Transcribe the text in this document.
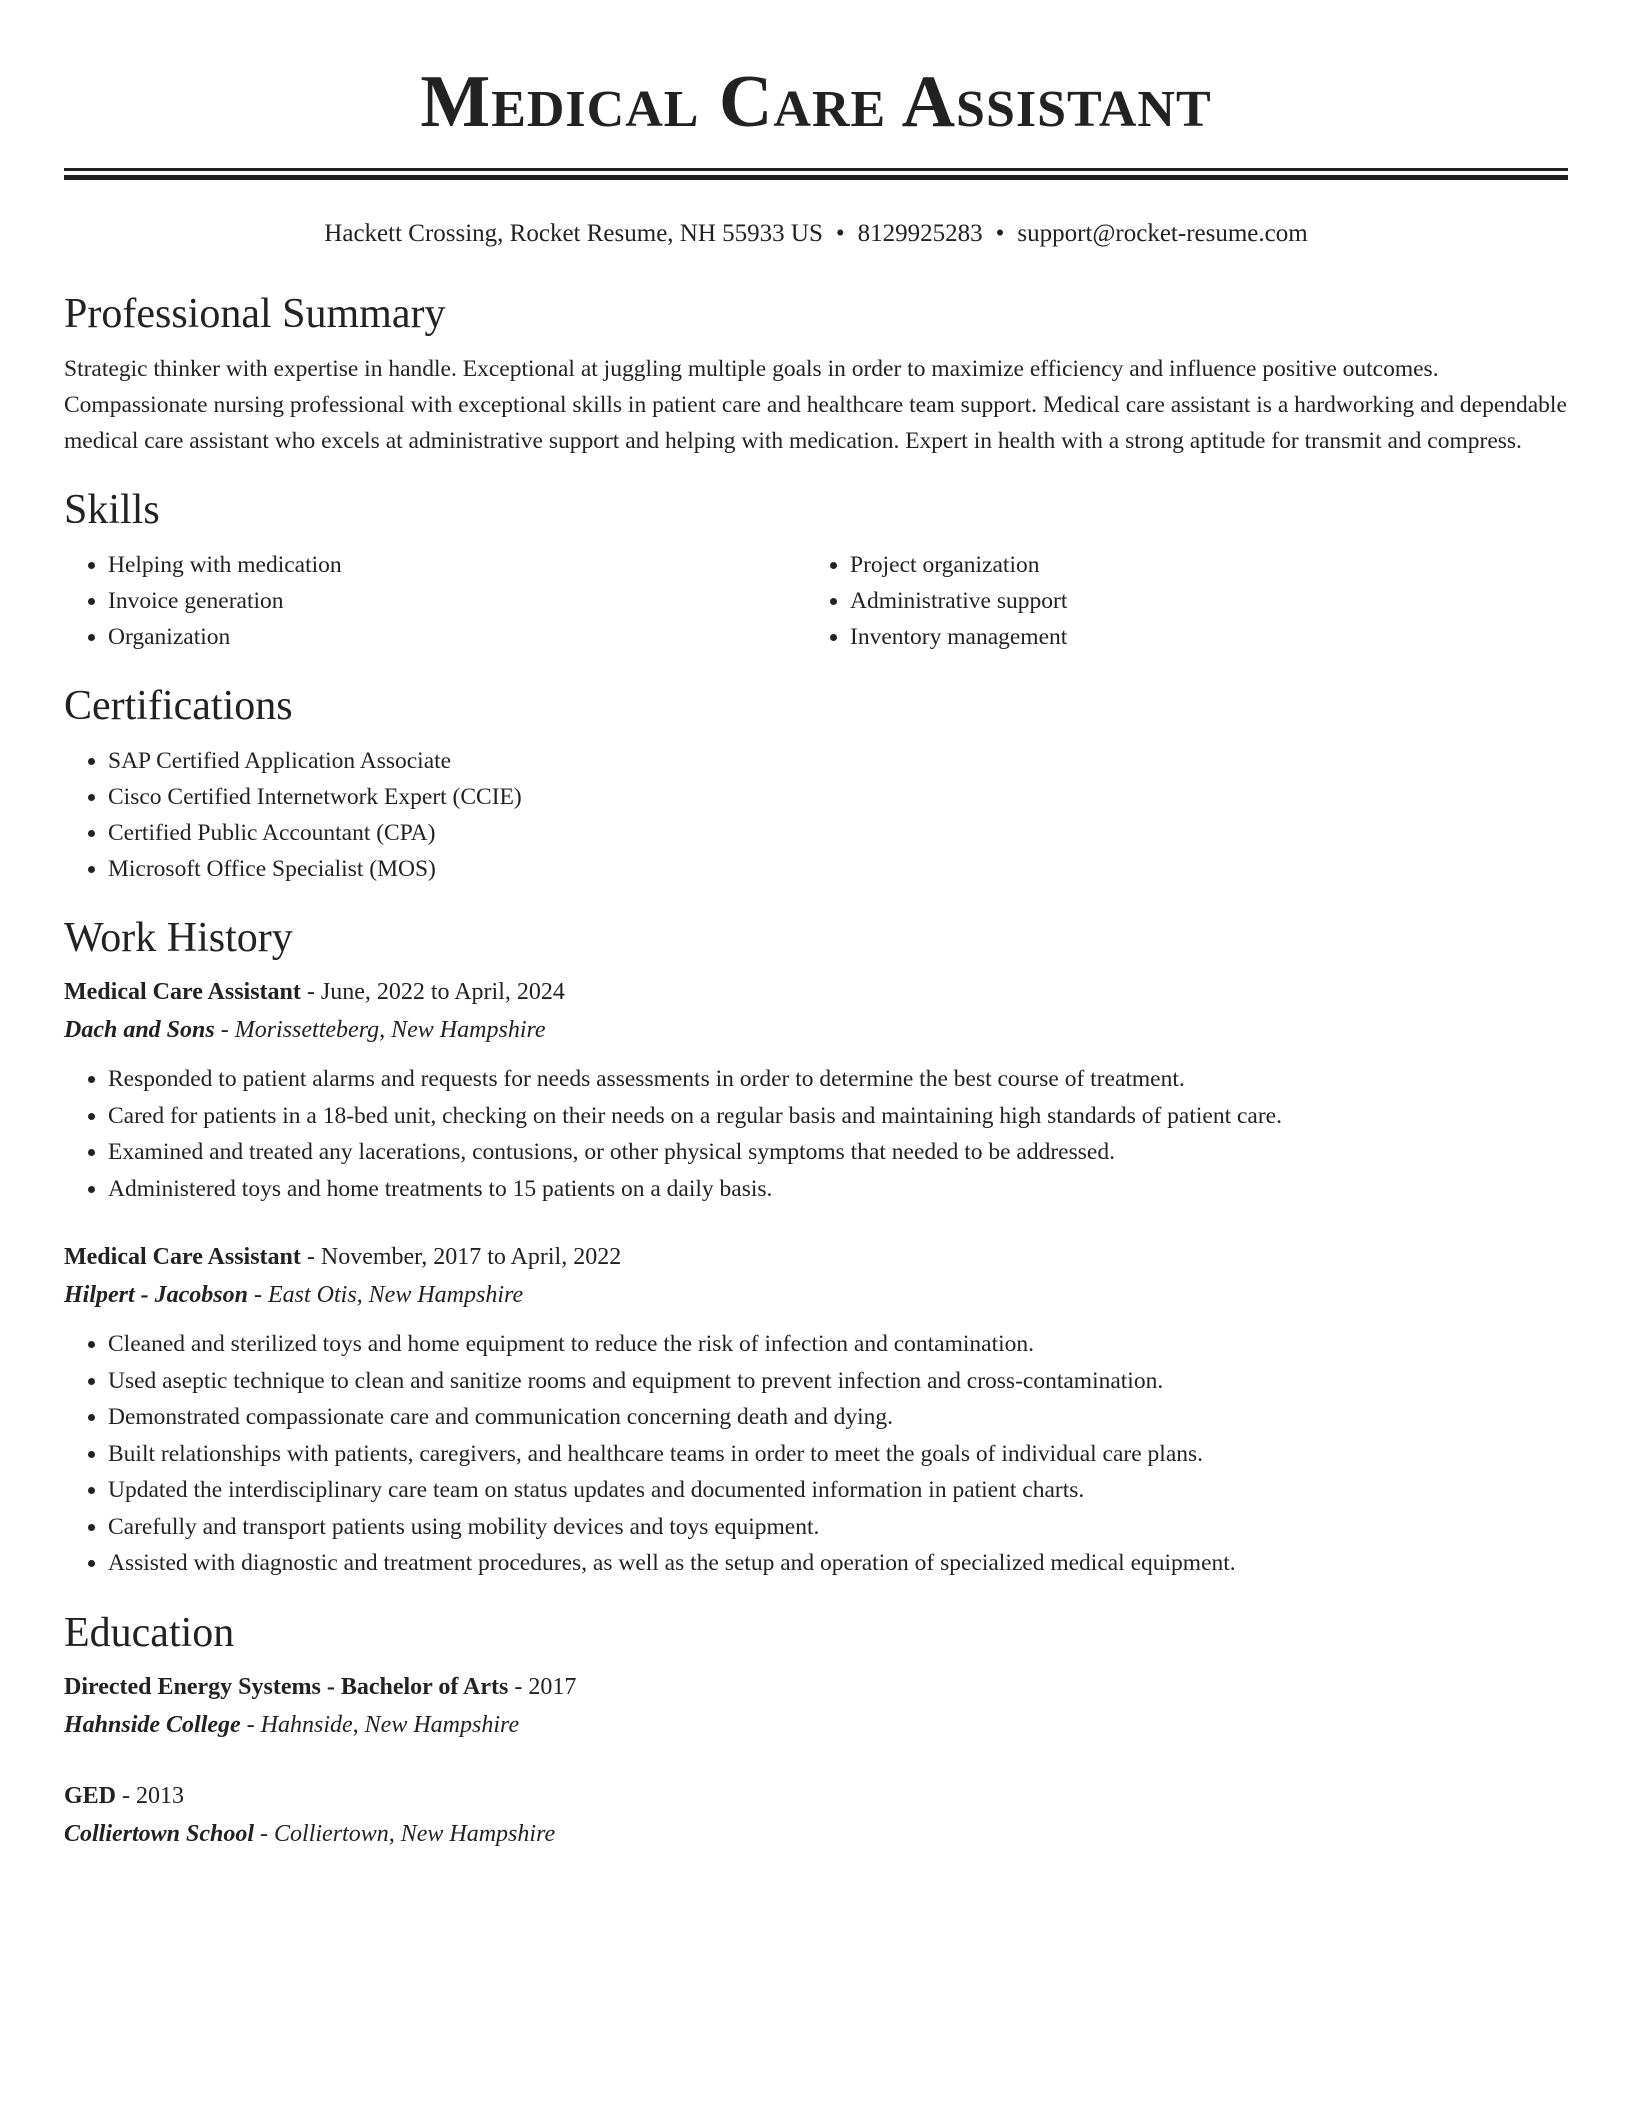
Medical Care Assistant
Hackett Crossing, Rocket Resume, NH 55933 US • 8129925283 • support@rocket-resume.com
Professional Summary

Strategic thinker with expertise in handle. Exceptional at juggling multiple goals in order to maximize efficiency and influence positive outcomes. Compassionate nursing professional with exceptional skills in patient care and healthcare team support. Medical care assistant is a hardworking and dependable medical care assistant who excels at administrative support and helping with medication. Expert in health with a strong aptitude for transmit and compress.

Skills
• Helping with medication
• Invoice generation
• Organization
• Project organization
• Administrative support
• Inventory management
Certifications
• SAP Certified Application Associate
• Cisco Certified Internetwork Expert (CCIE)
• Certified Public Accountant (CPA)
• Microsoft Office Specialist (MOS)
Work History
Medical Care Assistant - June, 2022 to April, 2024
Dach and Sons - Morissetteberg, New Hampshire
• Responded to patient alarms and requests for needs assessments in order to determine the best course of treatment.
• Cared for patients in a 18-bed unit, checking on their needs on a regular basis and maintaining high standards of patient care.
• Examined and treated any lacerations, contusions, or other physical symptoms that needed to be addressed.
• Administered toys and home treatments to 15 patients on a daily basis.
Medical Care Assistant - November, 2017 to April, 2022
Hilpert - Jacobson - East Otis, New Hampshire
• Cleaned and sterilized toys and home equipment to reduce the risk of infection and contamination.
• Used aseptic technique to clean and sanitize rooms and equipment to prevent infection and cross-contamination.
• Demonstrated compassionate care and communication concerning death and dying.
• Built relationships with patients, caregivers, and healthcare teams in order to meet the goals of individual care plans.
• Updated the interdisciplinary care team on status updates and documented information in patient charts.
• Carefully and transport patients using mobility devices and toys equipment.
• Assisted with diagnostic and treatment procedures, as well as the setup and operation of specialized medical equipment.
Education
Directed Energy Systems - Bachelor of Arts - 2017
Hahnside College - Hahnside, New Hampshire
GED - 2013
Colliertown School - Colliertown, New Hampshire
